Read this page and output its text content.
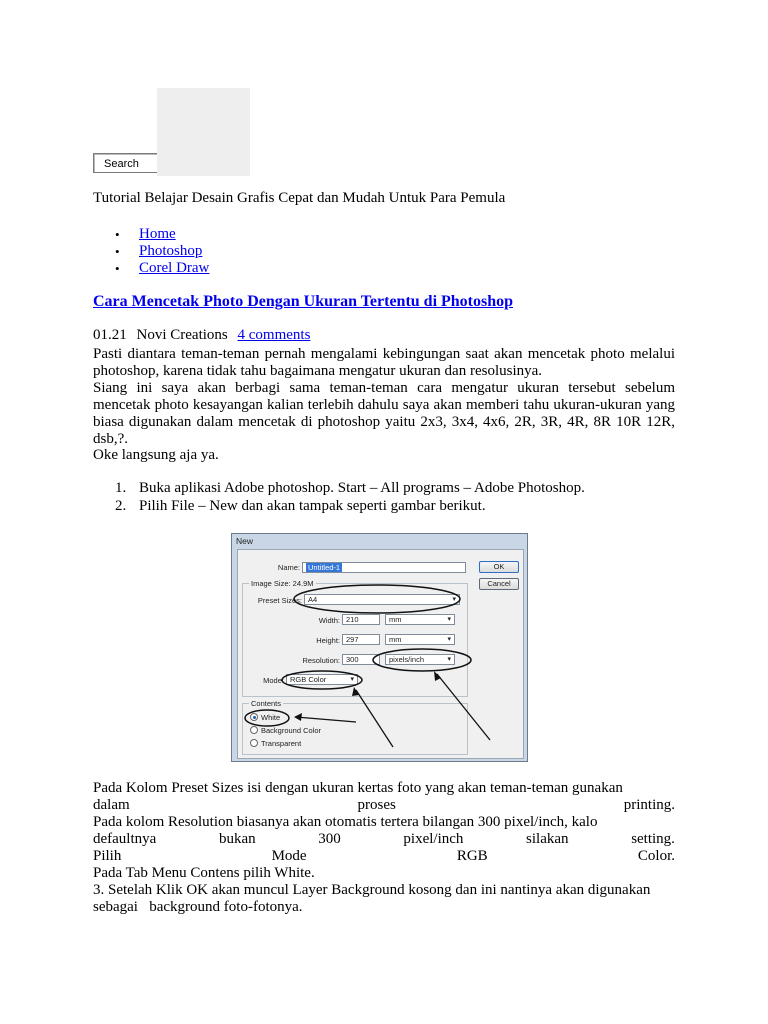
Search
Tutorial Belajar Desain Grafis Cepat dan Mudah Untuk Para Pemula
• Home
• Photoshop
• Corel Draw
Cara Mencetak Photo Dengan Ukuran Tertentu di Photoshop
01.21 Novi Creations 4 comments
Pasti diantara teman-teman pernah mengalami kebingungan saat akan mencetak photo melalui photoshop, karena tidak tahu bagaimana mengatur ukuran dan resolusinya.
Siang ini saya akan berbagi sama teman-teman cara mengatur ukuran tersebut sebelum mencetak photo kesayangan kalian terlebih dahulu saya akan memberi tahu ukuran-ukuran yang biasa digunakan dalam mencetak di photoshop yaitu 2x3, 3x4, 4x6, 2R, 3R, 4R, 8R 10R 12R, dsb,?.
Oke langsung aja ya.
1. Buka aplikasi Adobe photoshop. Start – All programs – Adobe Photoshop.
2. Pilih File – New dan akan tampak seperti gambar berikut.
New
Name:	Untitled-1	OK
Cancel
Image Size: 24.9M
Preset Sizes: A4 ▾
Width: 210	mm ▾
Height: 297	mm ▾
Resolution: 300	pixels/inch ▾
Mode: RGB Color ▾
Contents
White
Background Color
Transparent
Pada Kolom Preset Sizes isi dengan ukuran kertas foto yang akan teman-teman gunakan
dalam	proses	printing.
Pada kolom Resolution biasanya akan otomatis tertera bilangan 300 pixel/inch, kalo
defaultnya	bukan	300	pixel/inch	silakan	setting.
Pilih	Mode	RGB	Color.
Pada Tab Menu Contens pilih White.
3. Setelah Klik OK akan muncul Layer Background kosong dan ini nantinya akan digunakan
sebagai   background foto-fotonya.
